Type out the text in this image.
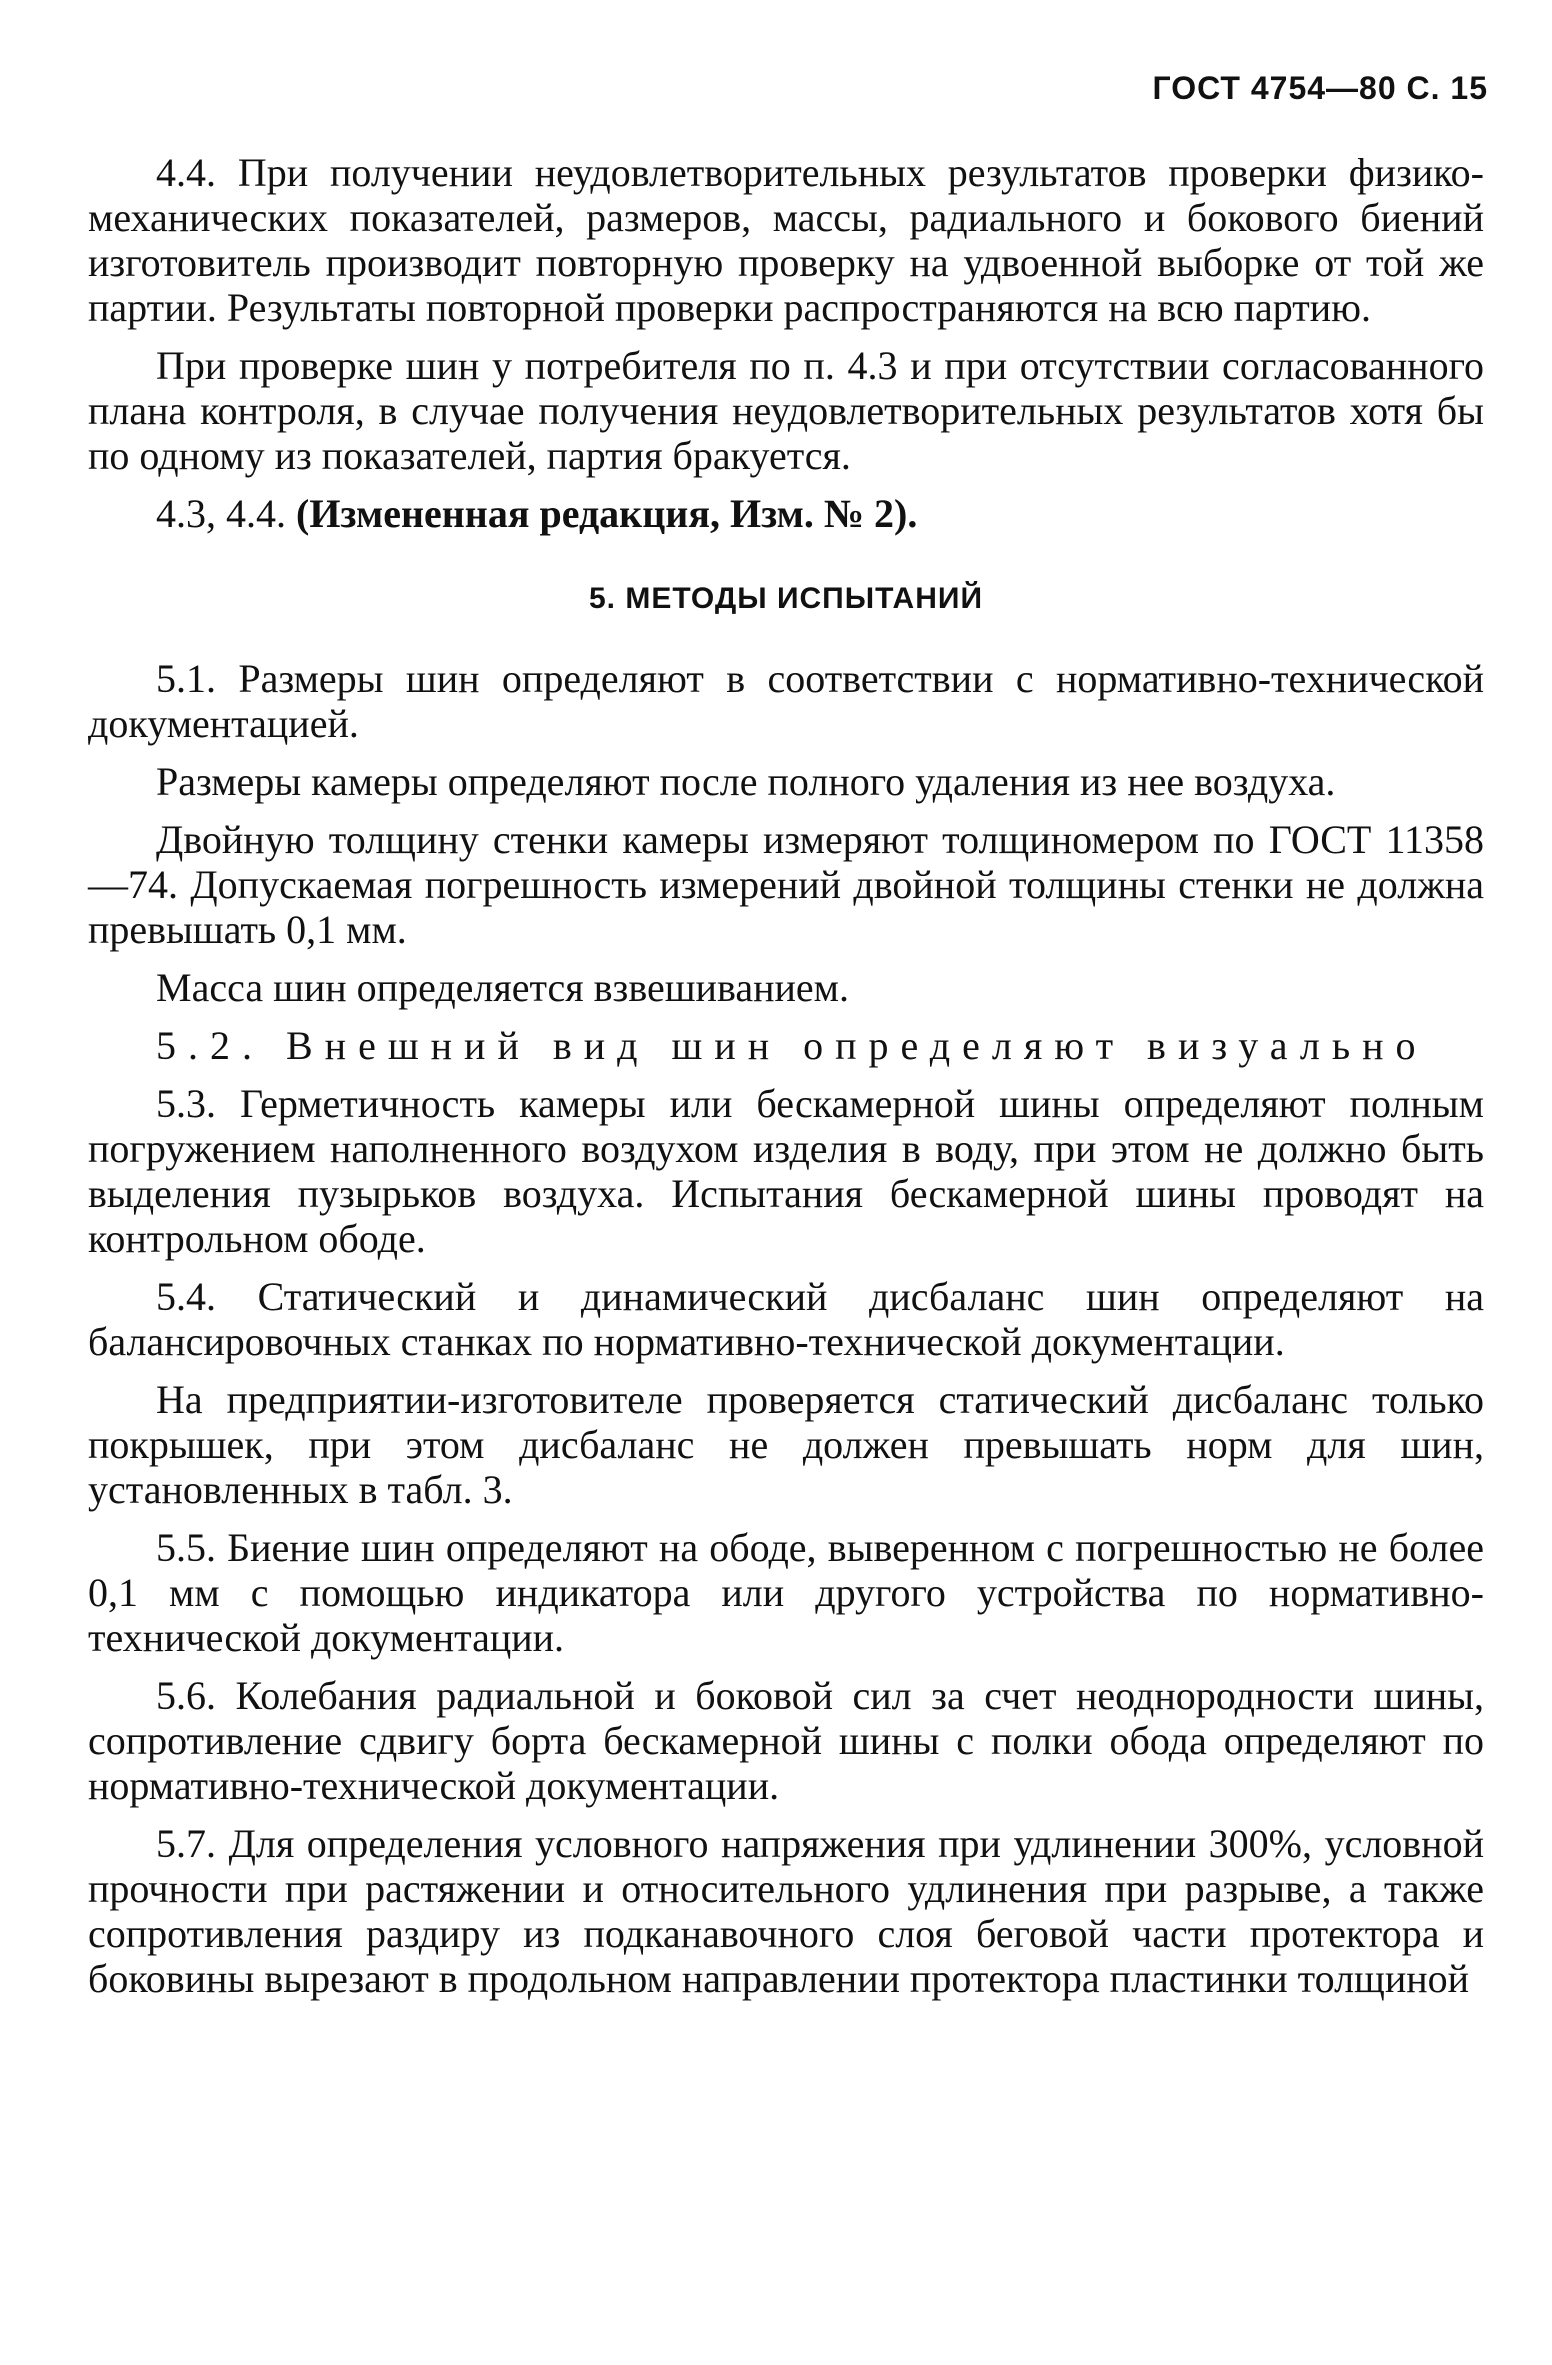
ГОСТ 4754—80 С. 15

4.4. При получении неудовлетворительных результатов проверки физико-механических показателей, размеров, массы, радиального и бокового биений изготовитель производит повторную проверку на удвоенной выборке от той же партии. Результаты повторной проверки распространяются на всю партию.

При проверке шин у потребителя по п. 4.3 и при отсутствии согласованного плана контроля, в случае получения неудовлетворительных результатов хотя бы по одному из показателей, партия бракуется.

4.3, 4.4. (Измененная редакция, Изм. № 2).

5. МЕТОДЫ ИСПЫТАНИЙ

5.1. Размеры шин определяют в соответствии с нормативно-технической документацией.

Размеры камеры определяют после полного удаления из нее воздуха.

Двойную толщину стенки камеры измеряют толщиномером по ГОСТ 11358—74. Допускаемая погрешность измерений двойной толщины стенки не должна превышать 0,1 мм.

Масса шин определяется взвешиванием.

5.2. Внешний вид шин определяют визуально

5.3. Герметичность камеры или бескамерной шины определяют полным погружением наполненного воздухом изделия в воду, при этом не должно быть выделения пузырьков воздуха. Испытания бескамерной шины проводят на контрольном ободе.

5.4. Статический и динамический дисбаланс шин определяют на балансировочных станках по нормативно-технической документации.

На предприятии-изготовителе проверяется статический дисбаланс только покрышек, при этом дисбаланс не должен превышать норм для шин, установленных в табл. 3.

5.5. Биение шин определяют на ободе, выверенном с погрешностью не более 0,1 мм с помощью индикатора или другого устройства по нормативно-технической документации.

5.6. Колебания радиальной и боковой сил за счет неоднородности шины, сопротивление сдвигу борта бескамерной шины с полки обода определяют по нормативно-технической документации.

5.7. Для определения условного напряжения при удлинении 300%, условной прочности при растяжении и относительного удлинения при разрыве, а также сопротивления раздиру из подканавочного слоя беговой части протектора и боковины вырезают в продольном направлении протектора пластинки толщиной
